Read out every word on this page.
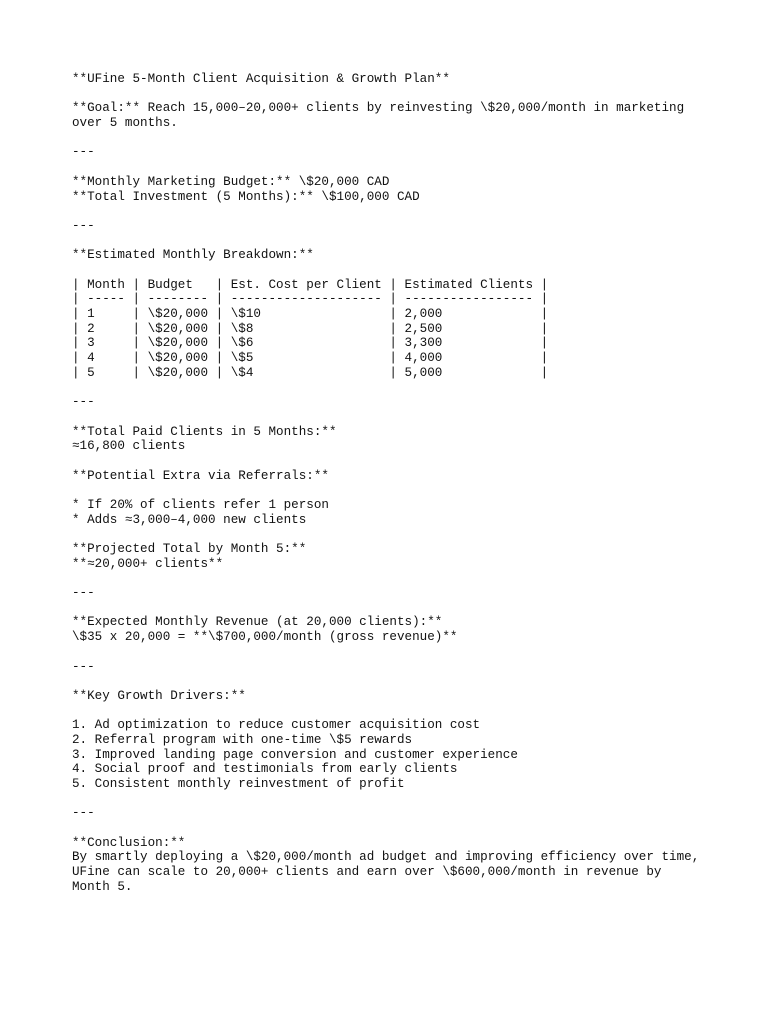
**UFine 5-Month Client Acquisition & Growth Plan**
**Goal:** Reach 15,000–20,000+ clients by reinvesting \$20,000/month in marketing
over 5 months.
---
**Monthly Marketing Budget:** \$20,000 CAD
**Total Investment (5 Months):** \$100,000 CAD
---
**Estimated Monthly Breakdown:**
| Month | Budget   | Est. Cost per Client | Estimated Clients |
| ----- | -------- | -------------------- | ----------------- |
| 1     | \$20,000 | \$10                 | 2,000             |
| 2     | \$20,000 | \$8                  | 2,500             |
| 3     | \$20,000 | \$6                  | 3,300             |
| 4     | \$20,000 | \$5                  | 4,000             |
| 5     | \$20,000 | \$4                  | 5,000             |
---
**Total Paid Clients in 5 Months:**
≈16,800 clients
**Potential Extra via Referrals:**
* If 20% of clients refer 1 person
* Adds ≈3,000–4,000 new clients
**Projected Total by Month 5:**
**≈20,000+ clients**
---
**Expected Monthly Revenue (at 20,000 clients):**
\$35 x 20,000 = **\$700,000/month (gross revenue)**
---
**Key Growth Drivers:**
1. Ad optimization to reduce customer acquisition cost
2. Referral program with one-time \$5 rewards
3. Improved landing page conversion and customer experience
4. Social proof and testimonials from early clients
5. Consistent monthly reinvestment of profit
---
**Conclusion:**
By smartly deploying a \$20,000/month ad budget and improving efficiency over time,
UFine can scale to 20,000+ clients and earn over \$600,000/month in revenue by
Month 5.
